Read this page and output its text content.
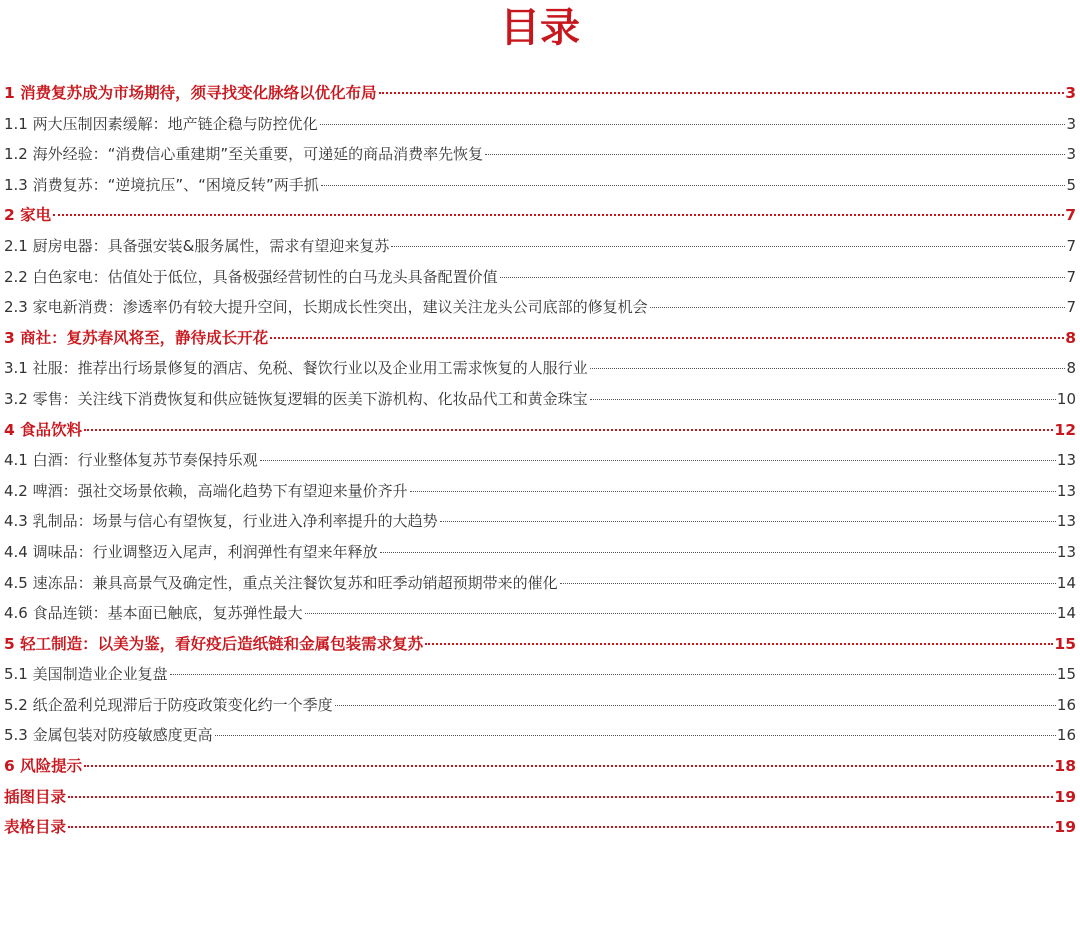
目录
1 消费复苏成为市场期待，须寻找变化脉络以优化布局	3
1.1 两大压制因素缓解：地产链企稳与防控优化	3
1.2 海外经验：“消费信心重建期”至关重要，可递延的商品消费率先恢复	3
1.3 消费复苏：“逆境抗压”、“困境反转”两手抓	5
2 家电	7
2.1 厨房电器：具备强安装&服务属性，需求有望迎来复苏	7
2.2 白色家电：估值处于低位，具备极强经营韧性的白马龙头具备配置价值	7
2.3 家电新消费：渗透率仍有较大提升空间，长期成长性突出，建议关注龙头公司底部的修复机会	7
3 商社：复苏春风将至，静待成长开花	8
3.1 社服：推荐出行场景修复的酒店、免税、餐饮行业以及企业用工需求恢复的人服行业	8
3.2 零售：关注线下消费恢复和供应链恢复逻辑的医美下游机构、化妆品代工和黄金珠宝	10
4 食品饮料	12
4.1 白酒：行业整体复苏节奏保持乐观	13
4.2 啤酒：强社交场景依赖，高端化趋势下有望迎来量价齐升	13
4.3 乳制品：场景与信心有望恢复，行业进入净利率提升的大趋势	13
4.4 调味品：行业调整迈入尾声，利润弹性有望来年释放	13
4.5 速冻品：兼具高景气及确定性，重点关注餐饮复苏和旺季动销超预期带来的催化	14
4.6 食品连锁：基本面已触底，复苏弹性最大	14
5 轻工制造：以美为鉴，看好疫后造纸链和金属包装需求复苏	15
5.1 美国制造业企业复盘	15
5.2 纸企盈利兑现滞后于防疫政策变化约一个季度	16
5.3 金属包装对防疫敏感度更高	16
6 风险提示	18
插图目录	19
表格目录	19
